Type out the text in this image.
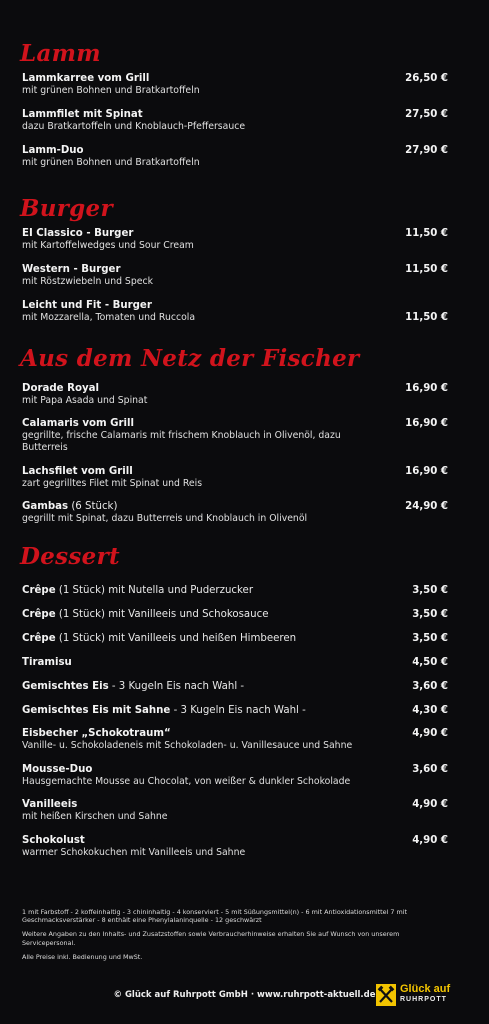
Lamm
Lammkarree vom Grill
mit grünen Bohnen und Bratkartoffeln
26,50 €
Lammfilet mit Spinat
dazu Bratkartoffeln und Knoblauch-Pfeffersauce
27,50 €
Lamm-Duo
mit grünen Bohnen und Bratkartoffeln
27,90 €
Burger
EI Classico - Burger
mit Kartoffelwedges und Sour Cream
11,50 €
Western - Burger
mit Röstzwiebeln und Speck
11,50 €
Leicht und Fit - Burger
mit Mozzarella, Tomaten und Ruccola	11,50 €
Aus dem Netz der Fischer
Dorade Royal
mit Papa Asada und Spinat
16,90 €
Calamaris vom Grill
gegrillte, frische Calamaris mit frischem Knoblauch in Olivenöl, dazu Butterreis
16,90 €
Lachsfilet vom Grill
zart gegrilltes Filet mit Spinat und Reis
16,90 €
Gambas (6 Stück)
gegrillt mit Spinat, dazu Butterreis und Knoblauch in Olivenöl
24,90 €
Dessert
Crêpe (1 Stück) mit Nutella und Puderzucker	3,50 €
Crêpe (1 Stück) mit Vanilleeis und Schokosauce	3,50 €
Crêpe (1 Stück) mit Vanilleeis und heißen Himbeeren	3,50 €
Tiramisu	4,50 €
Gemischtes Eis - 3 Kugeln Eis nach Wahl -	3,60 €
Gemischtes Eis mit Sahne - 3 Kugeln Eis nach Wahl -	4,30 €
Eisbecher „Schokotraum“
Vanille- u. Schokoladeneis mit Schokoladen- u. Vanillesauce und Sahne
4,90 €
Mousse-Duo
Hausgemachte Mousse au Chocolat, von weißer & dunkler Schokolade
3,60 €
Vanilleeis
mit heißen Kirschen und Sahne
4,90 €
Schokolust
warmer Schokokuchen mit Vanilleeis und Sahne
4,90 €

1 mit Farbstoff - 2 koffeinhaltig - 3 chininhaltig - 4 konserviert - 5 mit Süßungsmittel(n) - 6 mit Antioxidationsmittel 7 mit Geschmacksverstärker - 8 enthält eine Phenylalaninquelle - 12 geschwärzt

Weitere Angaben zu den Inhalts- und Zusatzstoffen sowie Verbraucherhinweise erhalten Sie auf Wunsch von unserem Servicepersonal.

Alle Preise inkl. Bedienung und MwSt.

© Glück auf Ruhrpott GmbH · www.ruhrpott-aktuell.de	Glück auf
RUHRPOTT
